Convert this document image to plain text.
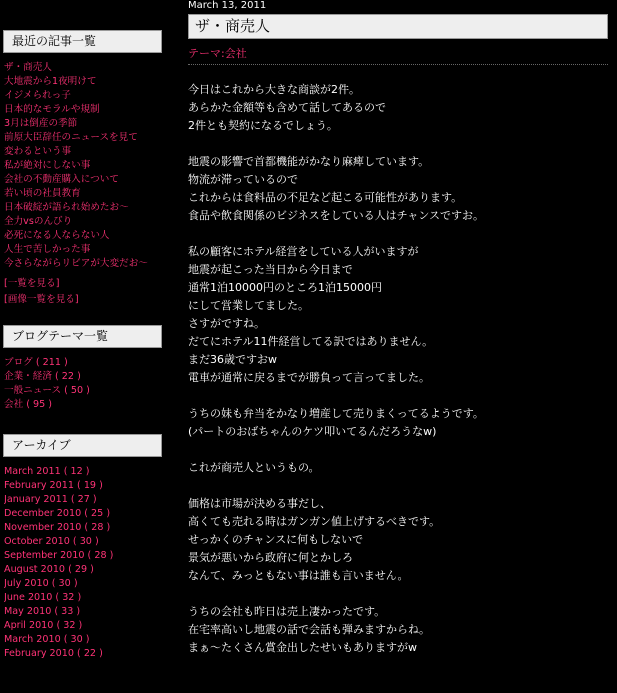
最近の記事一覧
ザ・商売人
大地震から1夜明けて
イジメられっ子
日本的なモラルや規制
3月は倒産の季節
前原大臣辞任のニュースを見て
変わるという事
私が絶対にしない事
会社の不動産購入について
若い頃の社員教育
日本破綻が語られ始めたお～
全力vsのんびり
必死になる人ならない人
人生で苦しかった事
今さらながらリビアが大変だお～
[一覧を見る]
[画像一覧を見る]
ブログテーマ一覧
ブログ ( 211 )
企業・経済 ( 22 )
一般ニュース ( 50 )
会社 ( 95 )
アーカイブ
March 2011 ( 12 )
February 2011 ( 19 )
January 2011 ( 27 )
December 2010 ( 25 )
November 2010 ( 28 )
October 2010 ( 30 )
September 2010 ( 28 )
August 2010 ( 29 )
July 2010 ( 30 )
June 2010 ( 32 )
May 2010 ( 33 )
April 2010 ( 32 )
March 2010 ( 30 )
February 2010 ( 22 )
March 13, 2011
ザ・商売人
テーマ:会社

今日はこれから大きな商談が2件。
あらかた金額等も含めて話してあるので
2件とも契約になるでしょう。

地震の影響で首都機能がかなり麻痺しています。
物流が滞っているので
これからは食料品の不足など起こる可能性があります。
食品や飲食関係のビジネスをしている人はチャンスですお。

私の顧客にホテル経営をしている人がいますが
地震が起こった当日から今日まで
通常1泊10000円のところ1泊15000円
にして営業してました。
さすがですね。
だてにホテル11件経営してる訳ではありません。
まだ36歳ですおw
電車が通常に戻るまでが勝負って言ってました。

うちの妹も弁当をかなり増産して売りまくってるようです。
(パートのおばちゃんのケツ叩いてるんだろうなw)

これが商売人というもの。

価格は市場が決める事だし、
高くても売れる時はガンガン値上げするべきです。
せっかくのチャンスに何もしないで
景気が悪いから政府に何とかしろ
なんて、みっともない事は誰も言いません。

うちの会社も昨日は売上凄かったです。
在宅率高いし地震の話で会話も弾みますからね。
まぁ～たくさん賞金出したせいもありますがw
